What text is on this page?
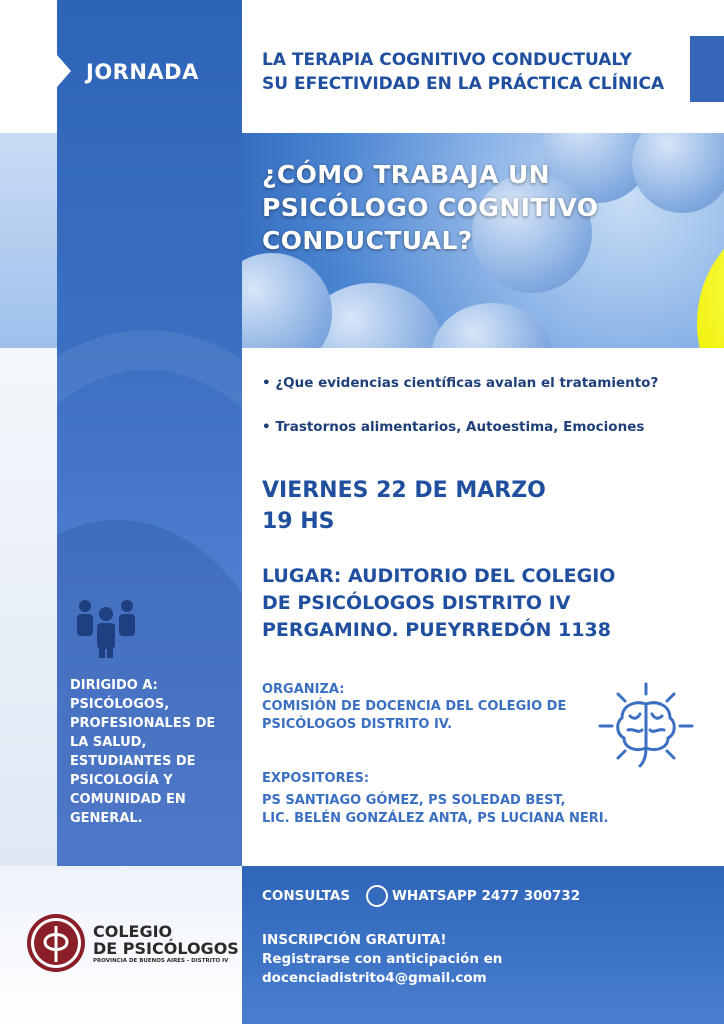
JORNADA	LA TERAPIA COGNITIVO CONDUCTUALY
SU EFECTIVIDAD EN LA PRÁCTICA CLÍNICA
¿CÓMO TRABAJA UN
PSICÓLOGO COGNITIVO
CONDUCTUAL?
• ¿Que evidencias científicas avalan el tratamiento?
• Trastornos alimentarios, Autoestima, Emociones
VIERNES 22 DE MARZO
19 HS
LUGAR: AUDITORIO DEL COLEGIO
DE PSICÓLOGOS DISTRITO IV
PERGAMINO. PUEYRREDÓN 1138
ORGANIZA:
COMISIÓN DE DOCENCIA DEL COLEGIO DE
PSICÓLOGOS DISTRITO IV.
EXPOSITORES:
PS SANTIAGO GÓMEZ, PS SOLEDAD BEST,
LIC. BELÉN GONZÁLEZ ANTA, PS LUCIANA NERI.
DIRIGIDO A:
PSICÓLOGOS,
PROFESIONALES DE
LA SALUD,
ESTUDIANTES DE
PSICOLOGÍA Y
COMUNIDAD EN
GENERAL.
CONSULTAS	WHATSAPP 2477 300732
INSCRIPCIÓN GRATUITA!
Registrarse con anticipación en
docenciadistrito4@gmail.com
COLEGIO
DE PSICÓLOGOS
PROVINCIA DE BUENOS AIRES - DISTRITO IV
